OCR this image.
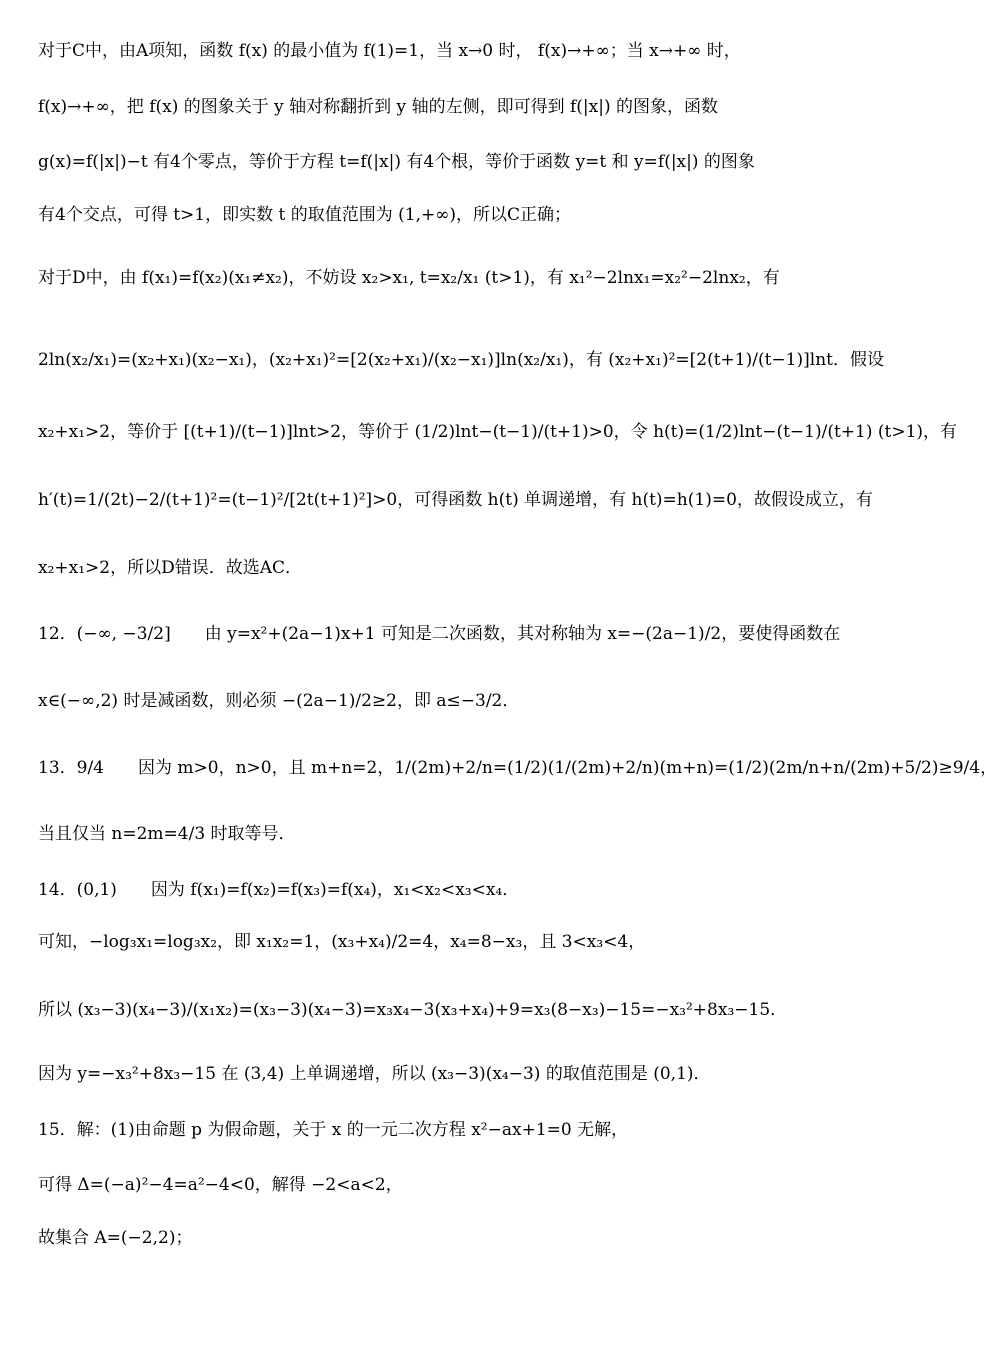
对于C中，由A项知，函数 f(x) 的最小值为 f(1)=1，当 x→0 时， f(x)→+∞；当 x→+∞ 时，
f(x)→+∞，把 f(x) 的图象关于 y 轴对称翻折到 y 轴的左侧，即可得到 f(|x|) 的图象，函数
g(x)=f(|x|)−t 有4个零点，等价于方程 t=f(|x|) 有4个根，等价于函数 y=t 和 y=f(|x|) 的图象
有4个交点，可得 t>1，即实数 t 的取值范围为 (1,+∞)，所以C正确；
对于D中，由 f(x₁)=f(x₂)(x₁≠x₂)，不妨设 x₂>x₁, t=x₂/x₁ (t>1)，有 x₁²−2lnx₁=x₂²−2lnx₂，有
2ln(x₂/x₁)=(x₂+x₁)(x₂−x₁)，(x₂+x₁)²=[2(x₂+x₁)/(x₂−x₁)]ln(x₂/x₁)，有 (x₂+x₁)²=[2(t+1)/(t−1)]lnt．假设
x₂+x₁>2，等价于 [(t+1)/(t−1)]lnt>2，等价于 (1/2)lnt−(t−1)/(t+1)>0，令 h(t)=(1/2)lnt−(t−1)/(t+1) (t>1)，有
h′(t)=1/(2t)−2/(t+1)²=(t−1)²/[2t(t+1)²]>0，可得函数 h(t) 单调递增，有 h(t)=h(1)=0，故假设成立，有
x₂+x₁>2，所以D错误．故选AC．
12．(−∞, −3/2]　　由 y=x²+(2a−1)x+1 可知是二次函数，其对称轴为 x=−(2a−1)/2，要使得函数在
x∈(−∞,2) 时是减函数，则必须 −(2a−1)/2≥2，即 a≤−3/2．
13．9/4　　因为 m>0，n>0，且 m+n=2，1/(2m)+2/n=(1/2)(1/(2m)+2/n)(m+n)=(1/2)(2m/n+n/(2m)+5/2)≥9/4，
当且仅当 n=2m=4/3 时取等号．
14．(0,1)　　因为 f(x₁)=f(x₂)=f(x₃)=f(x₄)，x₁<x₂<x₃<x₄．
可知，−log₃x₁=log₃x₂，即 x₁x₂=1，(x₃+x₄)/2=4，x₄=8−x₃，且 3<x₃<4，
所以 (x₃−3)(x₄−3)/(x₁x₂)=(x₃−3)(x₄−3)=x₃x₄−3(x₃+x₄)+9=x₃(8−x₃)−15=−x₃²+8x₃−15．
因为 y=−x₃²+8x₃−15 在 (3,4) 上单调递增，所以 (x₃−3)(x₄−3) 的取值范围是 (0,1)．
15．解：(1)由命题 p 为假命题，关于 x 的一元二次方程 x²−ax+1=0 无解，
可得 Δ=(−a)²−4=a²−4<0，解得 −2<a<2，
故集合 A=(−2,2)；
